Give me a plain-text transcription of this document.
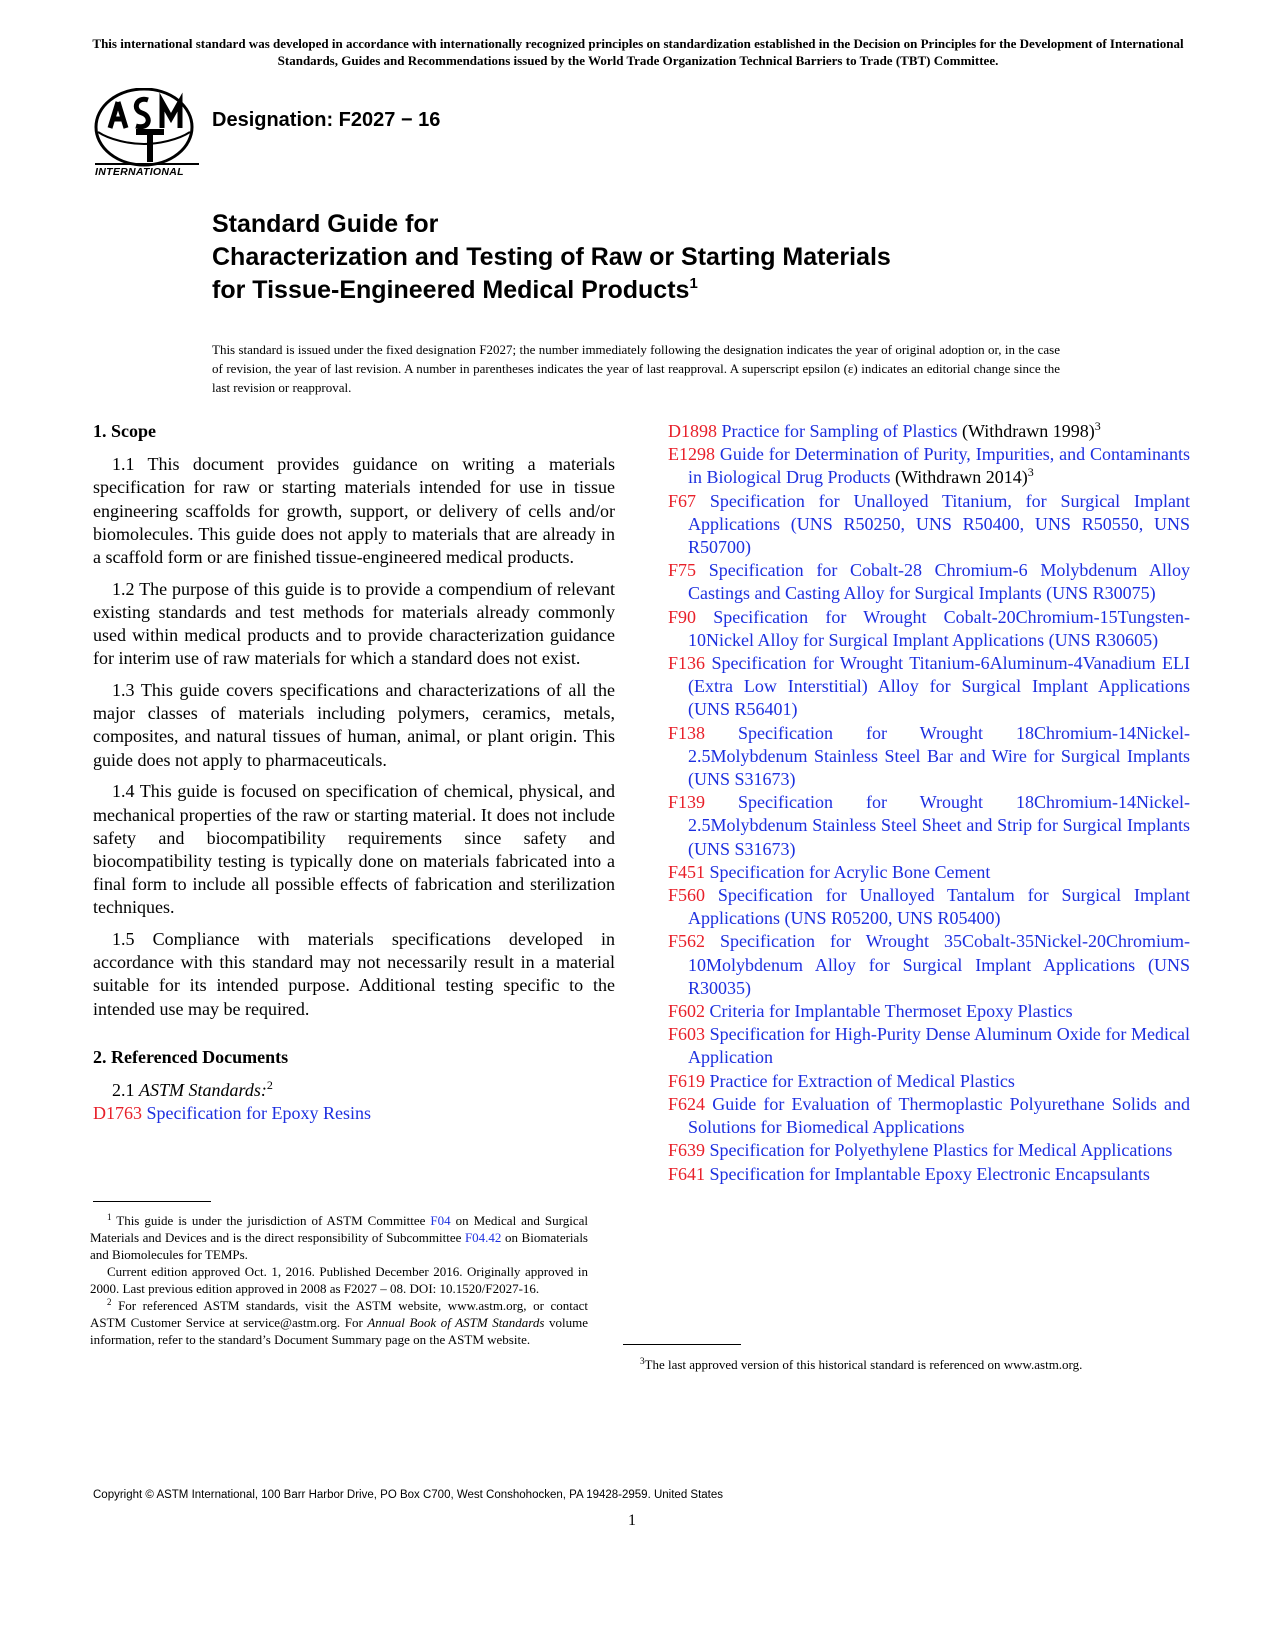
This international standard was developed in accordance with internationally recognized principles on standardization established in the Decision on Principles for the Development of International Standards, Guides and Recommendations issued by the World Trade Organization Technical Barriers to Trade (TBT) Committee.
INTERNATIONAL
Designation: F2027 − 16
Standard Guide for
Characterization and Testing of Raw or Starting Materials
for Tissue-Engineered Medical Products$^1$
This standard is issued under the fixed designation F2027; the number immediately following the designation indicates the year of original adoption or, in the case of revision, the year of last revision. A number in parentheses indicates the year of last reapproval. A superscript epsilon (ε) indicates an editorial change since the last revision or reapproval.
1. Scope

1.1 This document provides guidance on writing a materials specification for raw or starting materials intended for use in tissue engineering scaffolds for growth, support, or delivery of cells and/or biomolecules. This guide does not apply to materials that are already in a scaffold form or are finished tissue-engineered medical products.

1.2 The purpose of this guide is to provide a compendium of relevant existing standards and test methods for materials already commonly used within medical products and to provide characterization guidance for interim use of raw materials for which a standard does not exist.

1.3 This guide covers specifications and characterizations of all the major classes of materials including polymers, ceramics, metals, composites, and natural tissues of human, animal, or plant origin. This guide does not apply to pharmaceuticals.

1.4 This guide is focused on specification of chemical, physical, and mechanical properties of the raw or starting material. It does not include safety and biocompatibility requirements since safety and biocompatibility testing is typically done on materials fabricated into a final form to include all possible effects of fabrication and sterilization techniques.

1.5 Compliance with materials specifications developed in accordance with this standard may not necessarily result in a material suitable for its intended purpose. Additional testing specific to the intended use may be required.

2. Referenced Documents

2.1 ASTM Standards:$^2$

D1763 Specification for Epoxy Resins

$^1$ This guide is under the jurisdiction of ASTM Committee F04 on Medical and Surgical Materials and Devices and is the direct responsibility of Subcommittee F04.42 on Biomaterials and Biomolecules for TEMPs.

Current edition approved Oct. 1, 2016. Published December 2016. Originally approved in 2000. Last previous edition approved in 2008 as F2027 – 08. DOI: 10.1520/F2027-16.

$^2$ For referenced ASTM standards, visit the ASTM website, www.astm.org, or contact ASTM Customer Service at service@astm.org. For Annual Book of ASTM Standards volume information, refer to the standard’s Document Summary page on the ASTM website.

D1898 Practice for Sampling of Plastics (Withdrawn 1998)$^3$

E1298 Guide for Determination of Purity, Impurities, and Contaminants in Biological Drug Products (Withdrawn 2014)$^3$

F67 Specification for Unalloyed Titanium, for Surgical Implant Applications (UNS R50250, UNS R50400, UNS R50550, UNS R50700)

F75 Specification for Cobalt-28 Chromium-6 Molybdenum Alloy Castings and Casting Alloy for Surgical Implants (UNS R30075)

F90 Specification for Wrought Cobalt-20Chromium-15Tungsten-10Nickel Alloy for Surgical Implant Applications (UNS R30605)

F136 Specification for Wrought Titanium-6Aluminum-4Vanadium ELI (Extra Low Interstitial) Alloy for Surgical Implant Applications (UNS R56401)

F138 Specification for Wrought 18Chromium-14Nickel-2.5Molybdenum Stainless Steel Bar and Wire for Surgical Implants (UNS S31673)

F139 Specification for Wrought 18Chromium-14Nickel-2.5Molybdenum Stainless Steel Sheet and Strip for Surgical Implants (UNS S31673)

F451 Specification for Acrylic Bone Cement

F560 Specification for Unalloyed Tantalum for Surgical Implant Applications (UNS R05200, UNS R05400)

F562 Specification for Wrought 35Cobalt-35Nickel-20Chromium-10Molybdenum Alloy for Surgical Implant Applications (UNS R30035)

F602 Criteria for Implantable Thermoset Epoxy Plastics

F603 Specification for High-Purity Dense Aluminum Oxide for Medical Application

F619 Practice for Extraction of Medical Plastics

F624 Guide for Evaluation of Thermoplastic Polyurethane Solids and Solutions for Biomedical Applications

F639 Specification for Polyethylene Plastics for Medical Applications

F641 Specification for Implantable Epoxy Electronic Encapsulants

$^3$The last approved version of this historical standard is referenced on www.astm.org.

Copyright © ASTM International, 100 Barr Harbor Drive, PO Box C700, West Conshohocken, PA 19428-2959. United States
1
